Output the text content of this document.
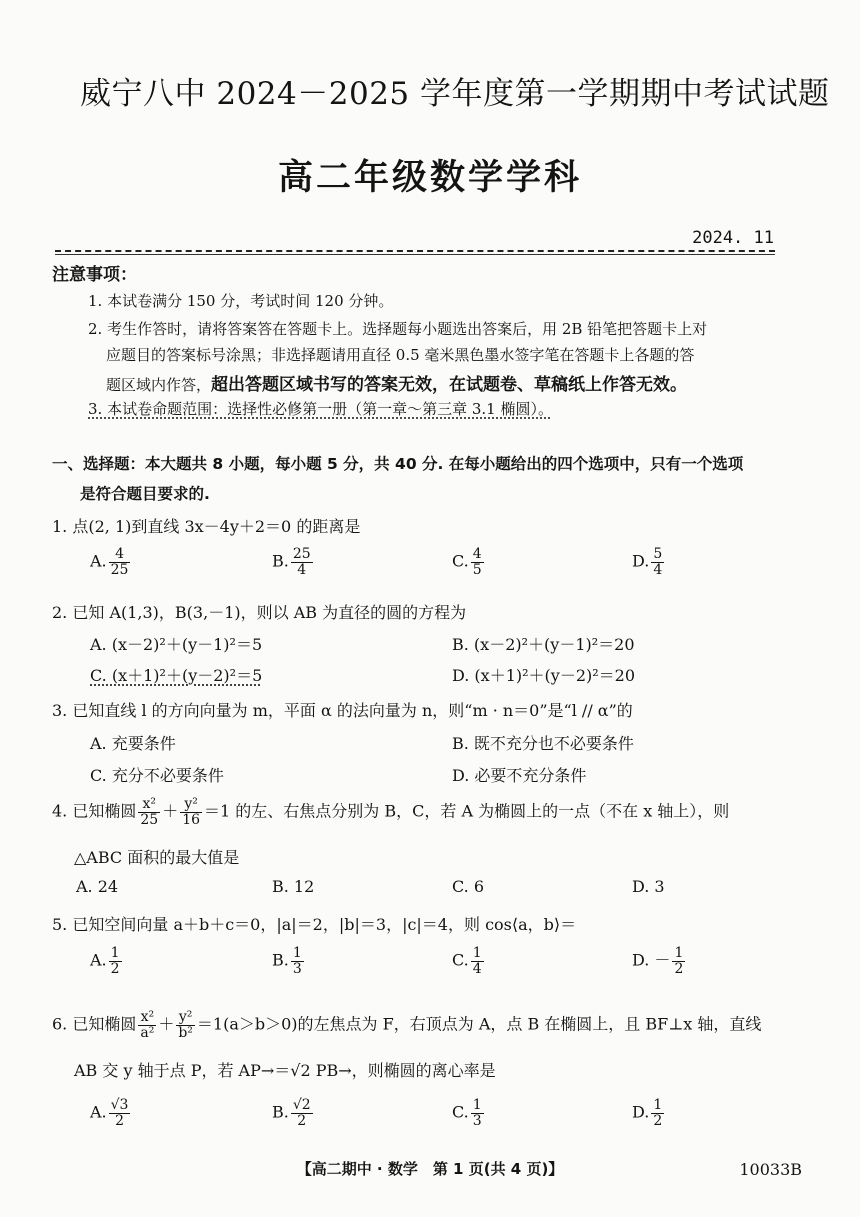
威宁八中 2024－2025 学年度第一学期期中考试试题
高二年级数学学科
2024. 11
注意事项：
1. 本试卷满分 150 分，考试时间 120 分钟。
2. 考生作答时，请将答案答在答题卡上。选择题每小题选出答案后，用 2B 铅笔把答题卡上对
应题目的答案标号涂黑；非选择题请用直径 0.5 毫米黑色墨水签字笔在答题卡上各题的答
题区域内作答，超出答题区域书写的答案无效，在试题卷、草稿纸上作答无效。
3. 本试卷命题范围：选择性必修第一册（第一章～第三章 3.1 椭圆）。
一、选择题：本大题共 8 小题，每小题 5 分，共 40 分. 在每小题给出的四个选项中，只有一个选项
是符合题目要求的.
1. 点(2, 1)到直线 3x－4y＋2＝0 的距离是
A. $\frac{4}{25}$	B. $\frac{25}{4}$	C. $\frac{4}{5}$	D. $\frac{5}{4}$
2. 已知 A(1,3)，B(3,－1)，则以 AB 为直径的圆的方程为
A. (x－2)²＋(y－1)²＝5	B. (x－2)²＋(y－1)²＝20
C. (x＋1)²＋(y－2)²＝5	D. (x＋1)²＋(y－2)²＝20
3. 已知直线 l 的方向向量为 m，平面 α 的法向量为 n，则“m · n＝0”是“l // α”的
A. 充要条件	B. 既不充分也不必要条件
C. 充分不必要条件	D. 必要不充分条件
4. 已知椭圆 $\frac{\text{x²}}{25} + \frac{\text{y²}}{16} =1$ 的左、右焦点分别为 B，C，若 A 为椭圆上的一点（不在 x 轴上），则
△ABC 面积的最大值是
A. 24	B. 12	C. 6	D. 3
5. 已知空间向量 a＋b＋c＝0，|a|＝2，|b|＝3，|c|＝4，则 cos⟨a，b⟩＝
A. $\frac{1}{2}$	B. $\frac{1}{3}$	C. $\frac{1}{4}$	D. － $\frac{1}{2}$
6. 已知椭圆 $\frac{\text{x²}}{\text{a²}} + \frac{\text{y²}}{\text{b²}} =1(a>b>0)$的左焦点为 F，右顶点为 A，点 B 在椭圆上，且 BF⊥x 轴，直线
AB 交 y 轴于点 P，若 AP→＝√2 PB→，则椭圆的离心率是
A. $\frac{√3}{2}$	B. $\frac{√2}{2}$	C. $\frac{1}{3}$	D. $\frac{1}{2}$
【高二期中 · 数学　第 1 页(共 4 页)】	10033B
